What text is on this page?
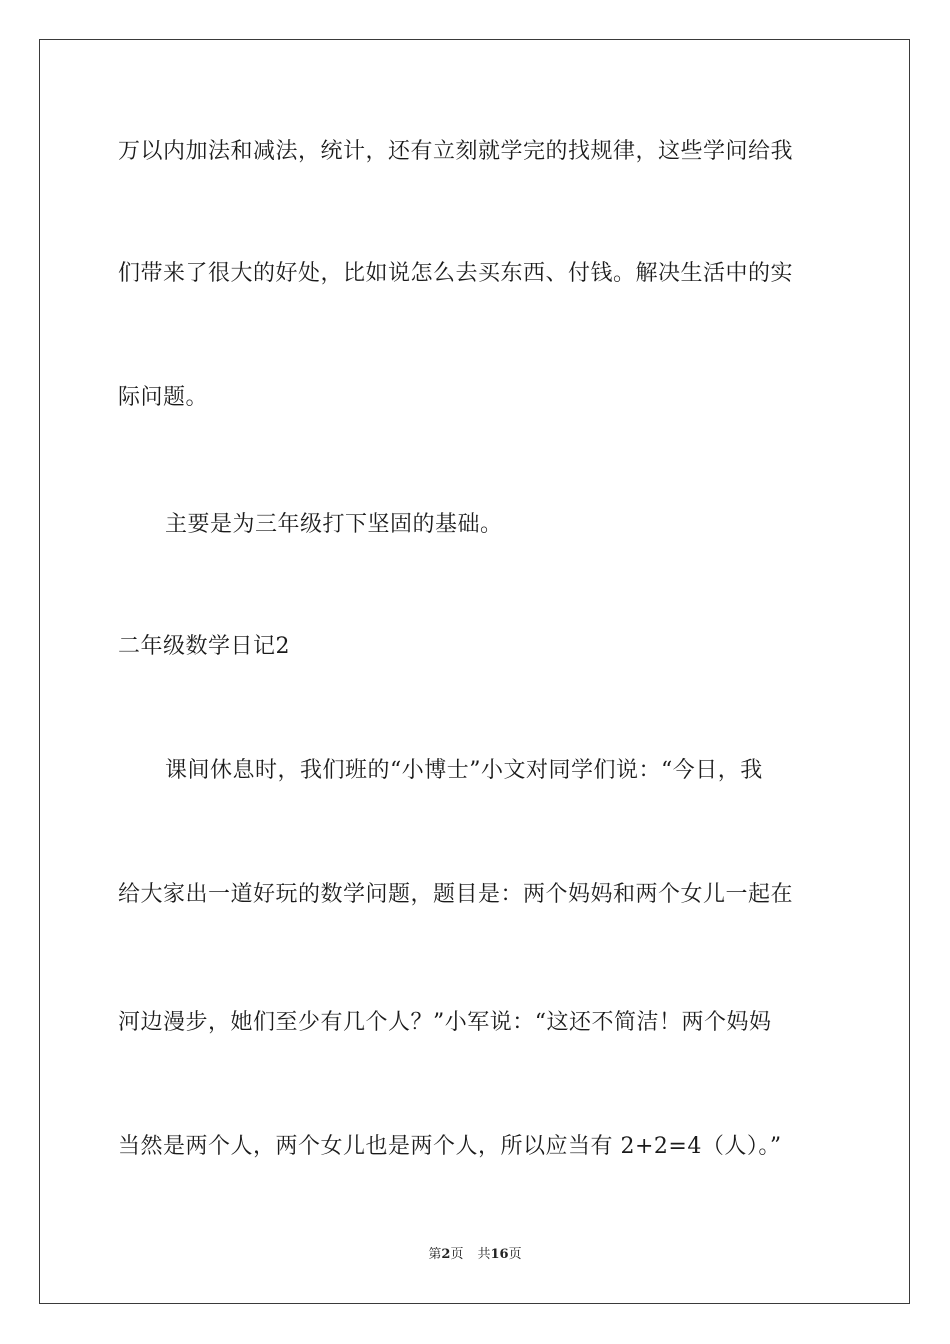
万以内加法和减法，统计，还有立刻就学完的找规律，这些学问给我
们带来了很大的好处，比如说怎么去买东西、付钱。解决生活中的实
际问题。
主要是为三年级打下坚固的基础。
二年级数学日记2
课间休息时，我们班的“小博士”小文对同学们说：“今日，我
给大家出一道好玩的数学问题，题目是：两个妈妈和两个女儿一起在
河边漫步，她们至少有几个人？”小军说：“这还不简洁！两个妈妈
当然是两个人，两个女儿也是两个人，所以应当有 2+2=4（人）。”
第2页 共16页
